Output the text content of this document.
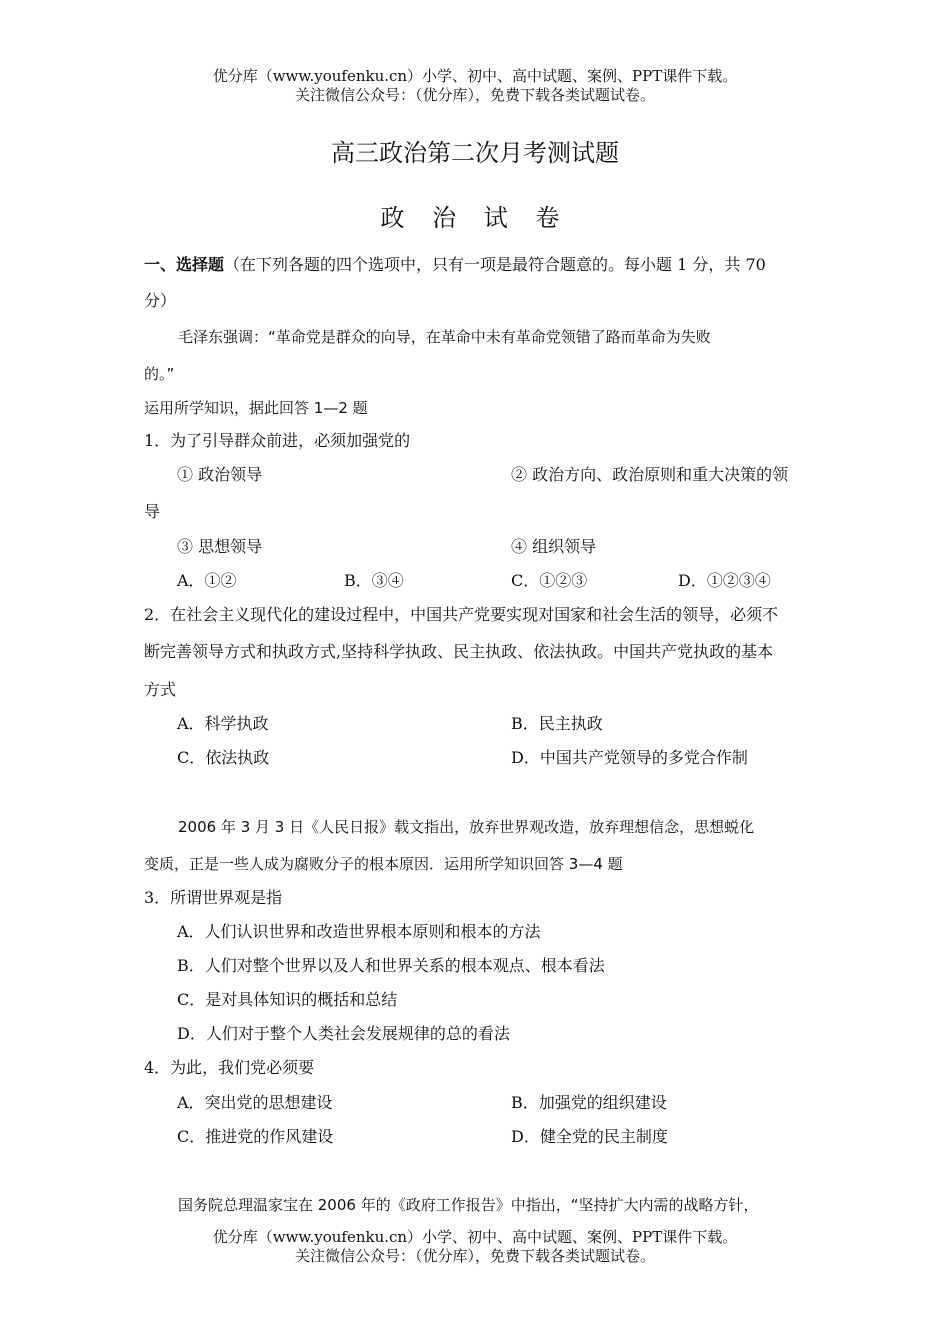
优分库（www.youfenku.cn）小学、初中、高中试题、案例、PPT课件下载。
关注微信公众号：（优分库），免费下载各类试题试卷。
高三政治第二次月考测试题
政 治 试 卷
一、选择题（在下列各题的四个选项中，只有一项是最符合题意的。每小题 1 分，共 70
分）
毛泽东强调：“革命党是群众的向导，在革命中未有革命党领错了路而革命为失败
的。”
运用所学知识，据此回答 1—2 题
1．为了引导群众前进，必须加强党的
① 政治领导	② 政治方向、政治原则和重大决策的领
导
③ 思想领导	④ 组织领导
A．①②	B．③④	C．①②③	D．①②③④
2．在社会主义现代化的建设过程中，中国共产党要实现对国家和社会生活的领导，必须不
断完善领导方式和执政方式,坚持科学执政、民主执政、依法执政。中国共产党执政的基本
方式
A．科学执政	B．民主执政
C．依法执政	D．中国共产党领导的多党合作制
2006 年 3 月 3 日《人民日报》载文指出，放弃世界观改造，放弃理想信念，思想蜕化
变质，正是一些人成为腐败分子的根本原因．运用所学知识回答 3—4 题
3．所谓世界观是指
A．人们认识世界和改造世界根本原则和根本的方法
B．人们对整个世界以及人和世界关系的根本观点、根本看法
C．是对具体知识的概括和总结
D．人们对于整个人类社会发展规律的总的看法
4．为此，我们党必须要
A．突出党的思想建设	B．加强党的组织建设
C．推进党的作风建设	D．健全党的民主制度
国务院总理温家宝在 2006 年的《政府工作报告》中指出，“坚持扩大内需的战略方针，
优分库（www.youfenku.cn）小学、初中、高中试题、案例、PPT课件下载。
关注微信公众号：（优分库），免费下载各类试题试卷。
